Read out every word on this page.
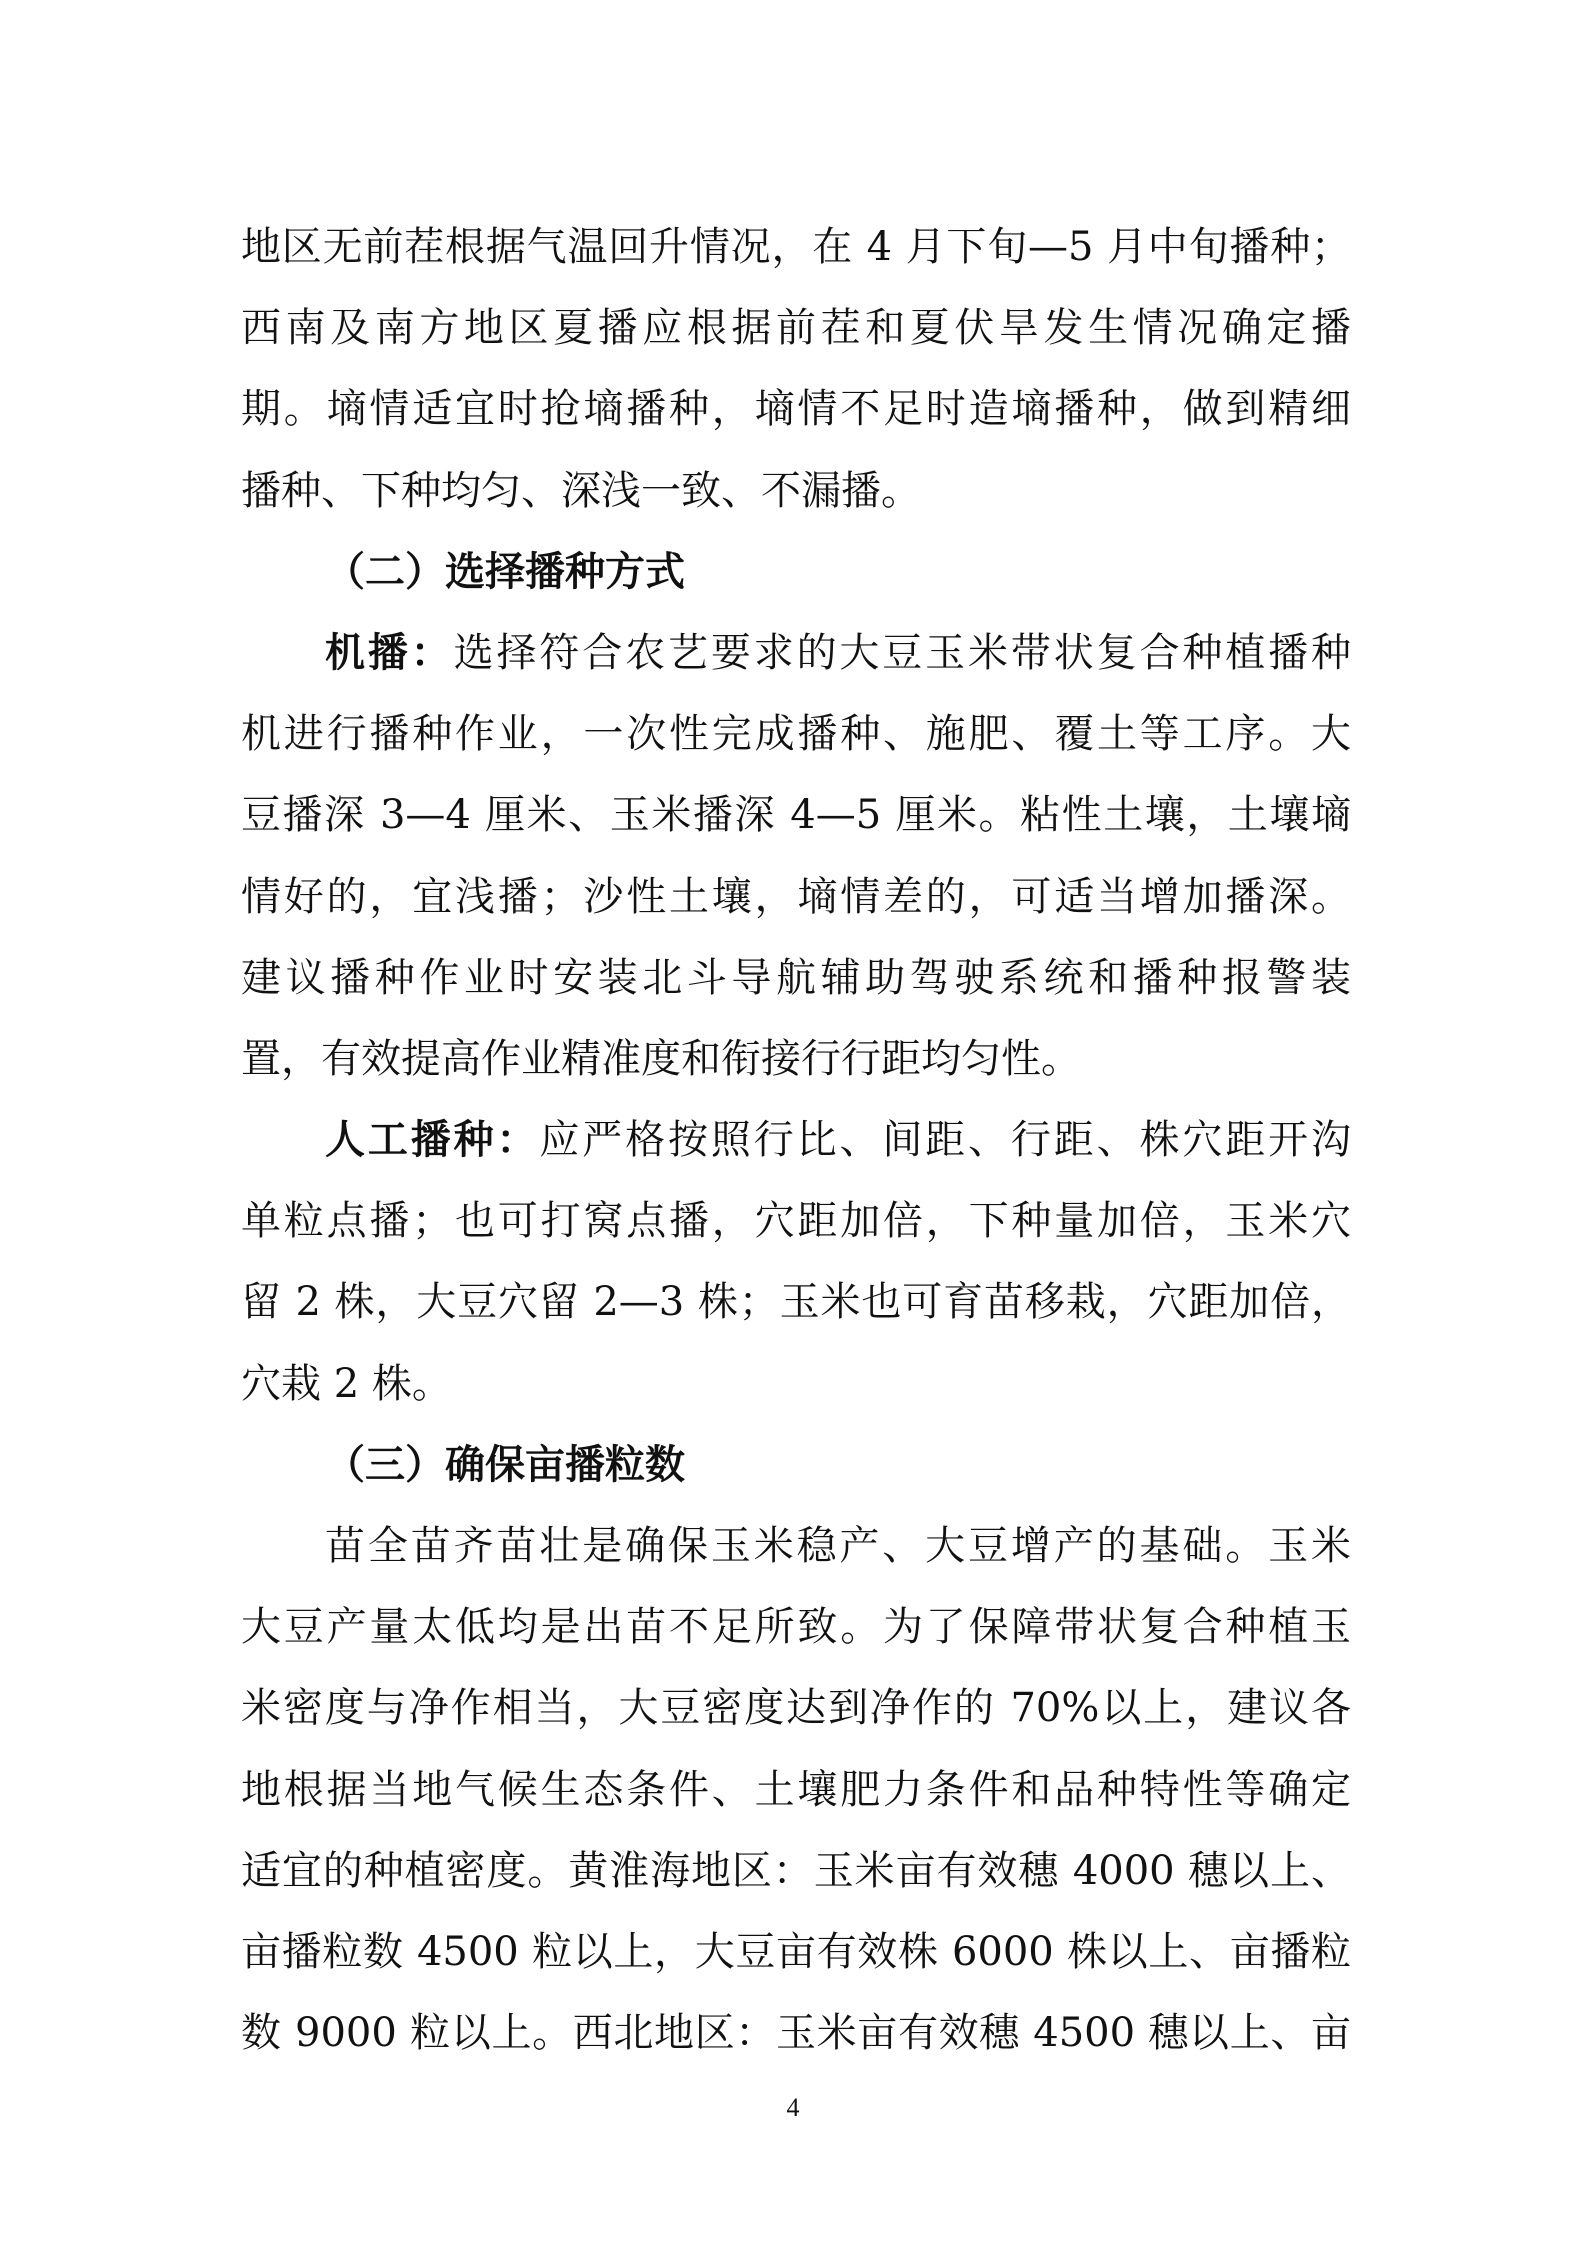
地区无前茬根据气温回升情况，在 4 月下旬—5 月中旬播种；
西南及南方地区夏播应根据前茬和夏伏旱发生情况确定播
期。墒情适宜时抢墒播种，墒情不足时造墒播种，做到精细
播种、下种均匀、深浅一致、不漏播。
（二）选择播种方式
机播：选择符合农艺要求的大豆玉米带状复合种植播种
机进行播种作业，一次性完成播种、施肥、覆土等工序。大
豆播深 3—4 厘米、玉米播深 4—5 厘米。粘性土壤，土壤墒
情好的，宜浅播；沙性土壤，墒情差的，可适当增加播深。
建议播种作业时安装北斗导航辅助驾驶系统和播种报警装
置，有效提高作业精准度和衔接行行距均匀性。
人工播种：应严格按照行比、间距、行距、株穴距开沟
单粒点播；也可打窝点播，穴距加倍，下种量加倍，玉米穴
留 2 株，大豆穴留 2—3 株；玉米也可育苗移栽，穴距加倍，
穴栽 2 株。
（三）确保亩播粒数
苗全苗齐苗壮是确保玉米稳产、大豆增产的基础。玉米
大豆产量太低均是出苗不足所致。为了保障带状复合种植玉
米密度与净作相当，大豆密度达到净作的 70%以上，建议各
地根据当地气候生态条件、土壤肥力条件和品种特性等确定
适宜的种植密度。黄淮海地区：玉米亩有效穗 4000 穗以上、
亩播粒数 4500 粒以上，大豆亩有效株 6000 株以上、亩播粒
数 9000 粒以上。西北地区：玉米亩有效穗 4500 穗以上、亩
4
